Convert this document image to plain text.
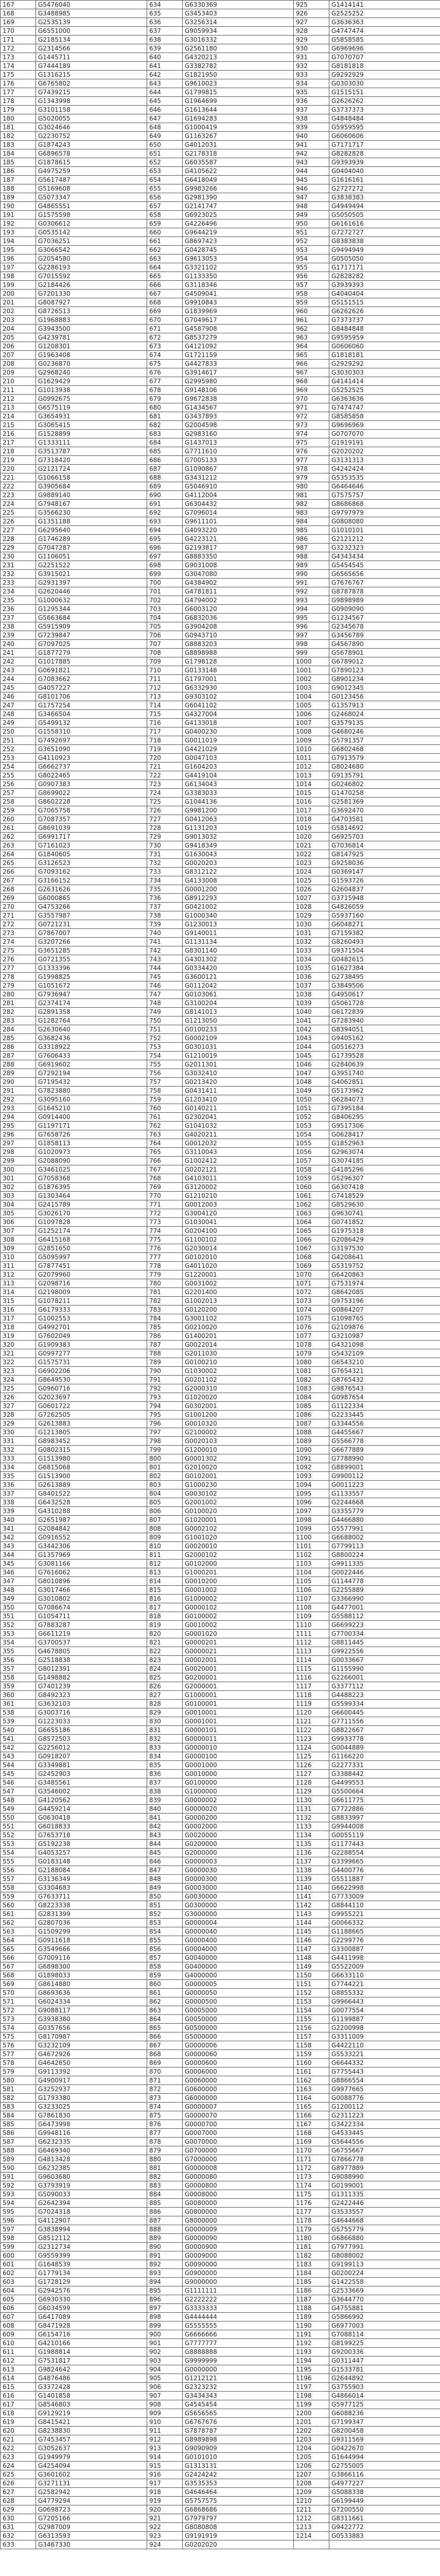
167	G5476040	634	G6330369	925	G1414141
168	G3488985	635	G3453403	926	G2525252
169	G2535139	636	G3256314	927	G3636363
170	G6551000	637	G9059934	928	G4747474
171	G2185134	638	G3016332	929	G5858585
172	G2314566	639	G2561180	930	G6969696
173	G1445711	640	G4320213	931	G7070707
174	G7444189	641	G3382782	932	G8181818
175	G1316215	642	G1821950	933	G9292929
176	G6765802	643	G9610023	934	G0303030
177	G7439215	644	G1799815	935	G1515151
178	G1343998	645	G1964699	936	G2626262
179	G3101158	646	G1613644	937	G3737373
180	G5020055	647	G1694283	938	G4848484
181	G3024646	648	G1000419	939	G5959595
182	G2230752	649	G1163267	940	G6060606
183	G1874243	650	G4012031	941	G7171717
184	G6896578	651	G2178318	942	G8282828
185	G1878615	652	G6035587	943	G9393939
186	G4975259	653	G4105622	944	G0404040
187	G5617487	654	G6418049	945	G1616161
188	G5169608	655	G9983266	946	G2727272
189	G5073347	656	G2981390	947	G3838383
190	G4865551	657	G2141747	948	G4949494
191	G1575598	658	G6923025	949	G5050505
192	G0306612	659	G4226496	950	G6161616
193	G0535142	660	G9644219	951	G7272727
194	G7036251	661	G8697423	952	G8383838
195	G3066542	662	G0428745	953	G9494949
196	G2054580	663	G9613053	954	G0505050
197	G2286193	664	G3321102	955	G1717171
198	G7015592	665	G1133350	956	G2828282
199	G2184426	666	G3118346	957	G3939393
200	G7201330	667	G4509041	958	G4040404
201	G8087927	668	G9910843	959	G5151515
202	G8726513	669	G1839969	960	G6262626
203	G1968883	670	G7049617	961	G7373737
204	G3943500	671	G4587908	962	G8484848
205	G4239781	672	G8537279	963	G9595959
206	G1208301	673	G4121092	964	G0606060
207	G1963408	674	G1721159	965	G1818181
208	G0236870	675	G4427833	966	G2929292
209	G2968240	676	G3914617	967	G3030303
210	G1629429	677	G2995980	968	G4141414
211	G1013938	678	G9148106	969	G5252525
212	G0992675	679	G9672838	970	G6363636
213	G6575119	680	G1434567	971	G7474747
214	G3654931	681	G3437893	972	G8585858
215	G3065415	682	G2004598	973	G9696969
216	G1528899	683	G2983160	974	G0707070
217	G1333111	684	G1437013	975	G1919191
218	G3513787	685	G7711610	976	G2020202
219	G7318420	686	G7005133	977	G3131313
220	G2121724	687	G1090867	978	G4242424
221	G1066158	688	G3431212	979	G5353535
222	G3905684	689	G5046910	980	G6464646
223	G9889140	690	G4112004	981	G7575757
224	G7948167	691	G6304432	982	G8686868
225	G3566230	692	G7096014	983	G9797979
226	G1351188	693	G9611101	984	G0808080
227	G6295640	694	G4093220	985	G1010101
228	G1746289	695	G4223121	986	G2121212
229	G7047287	696	G2193817	987	G3232323
230	G1106051	697	G8883350	988	G4343434
231	G2251522	698	G9031008	989	G5454545
232	G3915021	699	G3047080	990	G6565656
233	G2931397	700	G4384902	991	G7676767
234	G2620446	701	G4781811	992	G8787878
235	G1000632	702	G4794002	993	G9898989
236	G1295344	703	G6003120	994	G0909090
237	G5663684	704	G6832036	995	G1234567
238	G5915909	705	G3904208	996	G2345678
239	G7239847	706	G0943710	997	G3456789
240	G7097025	707	G8883203	998	G4567890
241	G1877279	708	G8898988	999	G5678901
242	G1017885	709	G1798128	1000	G6789012
243	G0691821	710	G0133148	1001	G7890123
244	G7083662	711	G1797001	1002	G8901234
245	G4057227	712	G6332930	1003	G9012345
246	G8101706	713	G9303102	1004	G0123456
247	G1757254	714	G6041102	1005	G1357913
248	G3466504	715	G4327004	1006	G2468024
249	G5499132	716	G4133018	1007	G3579135
250	G1558310	717	G0400230	1008	G4680246
251	G7492697	718	G0011019	1009	G5791357
252	G3651090	719	G4421029	1010	G6802468
253	G4110923	720	G0047103	1011	G7913579
254	G6662737	721	G1604203	1012	G8024680
255	G8022465	722	G4419104	1013	G9135791
256	G0907383	723	G6134043	1014	G0246802
257	G8699022	724	G3383033	1015	G1470258
258	G8602228	725	G1044136	1016	G2581369
259	G7065758	726	G9981200	1017	G3692470
260	G7087357	727	G0412063	1018	G4703581
261	G8691039	728	G1131203	1019	G5814692
262	G6991717	729	G9013032	1020	G6925703
263	G7161023	730	G9418349	1021	G7036814
264	G1840605	731	G1630043	1022	G8147925
265	G3126523	732	G0020203	1023	G9258036
266	G7093162	733	G8312122	1024	G0369147
267	G3166152	734	G4133008	1025	G1593726
268	G2631626	735	G0001200	1026	G2604837
269	G6000865	736	G8912293	1027	G3715948
270	G4753266	737	G0421002	1028	G4826059
271	G3557987	738	G1000340	1029	G5937160
272	G0721231	739	G1230013	1030	G6048271
273	G7867007	740	G9140011	1031	G7159382
274	G3207266	741	G1131134	1032	G8260493
275	G3651285	742	G8301140	1033	G9371504
276	G0721355	743	G4301302	1034	G0482615
277	G1333396	744	G0334420	1035	G1627384
278	G1998825	745	G3600121	1036	G2738495
279	G1051672	746	G0112042	1037	G3849506
280	G7936947	747	G0103061	1038	G4950617
281	G2374174	748	G3100204	1039	G5061728
282	G2891358	749	G8141013	1040	G6172839
283	G1282764	750	G1213050	1041	G7283940
284	G2630640	751	G0100233	1042	G8394051
285	G3682436	752	G0002109	1043	G9405162
286	G3318922	753	G0301031	1044	G0516273
287	G7606433	754	G1210019	1045	G1739528
288	G6919602	755	G2011301	1046	G2840639
289	G7292194	756	G3032410	1047	G3951740
290	G7195432	757	G0213420	1048	G4062851
291	G7823880	758	G0431411	1049	G5173962
292	G3095160	759	G1203410	1050	G6284073
293	G1645210	760	G0140211	1051	G7395184
294	G0914400	761	G2302041	1052	G8406295
295	G1197171	762	G1041032	1053	G9517306
296	G7658726	763	G4020211	1054	G0628417
297	G1858113	764	G0012032	1055	G1852963
298	G1020973	765	G3110043	1056	G2963074
299	G2088090	766	G1002412	1057	G3074185
300	G3461025	767	G0202121	1058	G4185296
301	G7058368	768	G4103011	1059	G5296307
302	G1876395	769	G3120002	1060	G6307418
303	G1303464	770	G1210210	1061	G7418529
304	G2415789	771	G0012003	1062	G8529630
305	G3026170	772	G3004120	1063	G9630741
306	G1097828	773	G1030041	1064	G0741852
307	G1252174	774	G0204100	1065	G1975318
308	G6415168	775	G1100102	1066	G2086429
309	G2851650	776	G2030014	1067	G3197530
310	G5095997	777	G0102010	1068	G4208641
311	G7877451	778	G4011020	1069	G5319752
312	G2079960	779	G1220001	1070	G6420863
313	G2098716	780	G0031002	1071	G7531974
314	G2198009	781	G2201400	1072	G8642085
315	G1078211	782	G1002013	1073	G9753196
316	G6179333	783	G0120200	1074	G0864207
317	G1002553	784	G3001102	1075	G1098765
318	G4992701	785	G0210020	1076	G2109876
319	G7602049	786	G1400201	1077	G3210987
320	G1909383	787	G0022014	1078	G4321098
321	G0997277	788	G2011030	1079	G5432109
322	G1575731	789	G0100210	1080	G6543210
323	G6902206	790	G1030002	1081	G7654321
324	G8649530	791	G0201102	1082	G8765432
325	G0960716	792	G2000310	1083	G9876543
326	G2023697	793	G1020020	1084	G0987654
327	G0601722	794	G0302001	1085	G1122334
328	G7262505	795	G1001200	1086	G2233445
329	G2613883	796	G0010320	1087	G3344556
330	G1213805	797	G2100002	1088	G4455667
331	G8983452	798	G0020103	1089	G5566778
332	G0802315	799	G1200010	1090	G6677889
333	G1513980	800	G0001302	1091	G7788990
334	G6815068	801	G2010020	1092	G8899001
335	G1513900	802	G0102001	1093	G9900112
336	G2613889	803	G1000230	1094	G0011223
337	G8401522	804	G0030102	1095	G1133557
338	G6432528	805	G2001002	1096	G2244668
339	G4310288	806	G0100020	1097	G3355779
340	G2651987	807	G1020001	1098	G4466880
341	G2084842	808	G0002102	1099	G5577991
342	G0916552	809	G1001020	1100	G6688002
343	G3442306	810	G0020010	1101	G7799113
344	G1357969	811	G2000102	1102	G8800224
345	G3081166	812	G0102000	1103	G9911335
346	G7616062	813	G1000201	1104	G0022446
347	G8010896	814	G0010200	1105	G1144778
348	G3017466	815	G0001002	1106	G2255889
349	G3010802	816	G1000002	1107	G3366990
350	G7086674	817	G0000102	1108	G4477001
351	G1054711	818	G0100002	1109	G5588112
352	G7883287	819	G0010002	1110	G6699223
353	G6611219	820	G0001020	1111	G7700334
354	G3700537	821	G0000201	1112	G8811445
355	G4678805	822	G0000021	1113	G9922556
356	G2518838	823	G0002001	1114	G0033667
357	G8012391	824	G0020001	1115	G1155990
358	G1498882	825	G0200001	1116	G2266001
359	G7401239	826	G2000001	1117	G3377112
360	G8492323	827	G1000001	1118	G4488223
361	G3632103	828	G0100001	1119	G5599334
538	G3003716	829	G0010001	1120	G6600445
539	G1223033	830	G0001001	1121	G7711556
540	G6655186	831	G0000101	1122	G8822667
541	G8572503	832	G0000011	1123	G9933778
542	G2256012	833	G0000010	1124	G0044889
543	G0918207	834	G0000100	1125	G1166220
544	G3349881	835	G0001000	1126	G2277331
545	G2452903	836	G0010000	1127	G3388442
546	G3485561	837	G0100000	1128	G4499553
547	G3546002	838	G1000000	1129	G5500664
548	G4120562	839	G0000002	1130	G6611775
549	G4459214	840	G0000020	1131	G7722886
550	G0630418	841	G0000200	1132	G8833997
551	G6018833	842	G0002000	1133	G9944008
552	G7653718	843	G0020000	1134	G0055119
553	G5192238	844	G0200000	1135	G1177443
554	G4053257	845	G2000000	1136	G2288554
555	G0183148	846	G0000003	1137	G3399665
556	G2188084	847	G0000030	1138	G4400776
557	G3136349	848	G0000300	1139	G5511887
558	G3304683	849	G0003000	1140	G6622998
559	G7633711	850	G0030000	1141	G7733009
560	G8223338	851	G0300000	1142	G8844110
561	G2831399	852	G3000000	1143	G9955221
562	G2807036	853	G0000004	1144	G0066332
563	G1509299	854	G0000040	1145	G1188665
564	G0911618	855	G0000400	1146	G2299776
565	G3549666	856	G0004000	1147	G3300887
566	G7009116	857	G0040000	1148	G4411998
567	G6898300	858	G0400000	1149	G5522009
568	G1898033	859	G4000000	1150	G6633110
569	G8614880	860	G0000005	1151	G7744221
570	G8693636	861	G0000050	1152	G8855332
571	G6024334	862	G0000500	1153	G9966443
572	G9088117	863	G0005000	1154	G0077554
573	G3938380	864	G0050000	1155	G1199887
574	G0357656	865	G0500000	1156	G2200998
575	G8170987	866	G5000000	1157	G3311009
576	G3232109	867	G0000006	1158	G4422110
577	G4672926	868	G0000060	1159	G5533221
578	G4642650	869	G0000600	1160	G6644332
579	G9113392	870	G0006000	1161	G7755443
580	G4900917	871	G0060000	1162	G8866554
581	G3252937	872	G0600000	1163	G9977665
582	G1793380	873	G6000000	1164	G0088776
583	G3233025	874	G0000007	1165	G1200112
584	G7861830	875	G0000070	1166	G2311223
585	G6473998	876	G0000700	1167	G3422334
586	G9948116	877	G0007000	1168	G4533445
587	G6232335	878	G0070000	1169	G5644556
588	G6469340	879	G0700000	1170	G6755667
589	G4813428	880	G7000000	1171	G7866778
590	G6232385	881	G0000008	1172	G8977889
591	G9603680	882	G0000080	1173	G9088990
592	G3793919	883	G0000800	1174	G0199001
593	G5090033	884	G0008000	1175	G1311335
594	G2642394	885	G0080000	1176	G2422446
595	G7024318	886	G0800000	1177	G3533557
596	G4112907	887	G8000000	1178	G4644668
597	G3838994	888	G0000009	1179	G5755779
598	G8512112	889	G0000090	1180	G6866880
599	G2312734	890	G0000900	1181	G7977991
600	G9559399	891	G0009000	1182	G8088002
601	G1648539	892	G0090000	1183	G9199113
602	G1779134	893	G0900000	1184	G0200224
603	G1728129	894	G9000000	1185	G1422558
604	G2942576	895	G1111111	1186	G2533669
605	G6930330	896	G2222222	1187	G3644770
606	G6034599	897	G3333333	1188	G4755881
607	G6417089	898	G4444444	1189	G5866992
608	G8471928	899	G5555555	1190	G6977003
609	G6154716	900	G6666666	1191	G7088114
610	G4210166	901	G7777777	1192	G8199225
611	G1988814	902	G8888888	1193	G9200336
612	G7531817	903	G9999999	1194	G0311447
613	G9824642	904	G0000000	1195	G1533781
614	G4876486	905	G1212121	1196	G2644892
615	G3372428	906	G2323232	1197	G3755903
616	G1401858	907	G3434343	1198	G4866014
617	G8546803	908	G4545454	1199	G5977125
618	G9129219	909	G5656565	1200	G6088236
619	G8415421	910	G6767676	1201	G7199347
620	G8238830	911	G7878787	1202	G8200458
621	G7453457	912	G8989898	1203	G9311569
622	G3052637	913	G9090909	1204	G0422670
623	G1949979	914	G0101010	1205	G1644994
624	G4254094	915	G1313131	1206	G2755005
625	G3601602	916	G2424242	1207	G3866116
626	G3271131	917	G3535353	1208	G4977227
627	G2582942	918	G4646464	1209	G5088338
628	G4779294	919	G5757575	1210	G6199449
629	G0698723	920	G6868686	1211	G7200550
630	G7205166	921	G7979797	1212	G8311661
631	G2987009	922	G8080808	1213	G9422772
632	G6313593	923	G9191919	1214	G0533883
633	G3467330	924	G0202020		
